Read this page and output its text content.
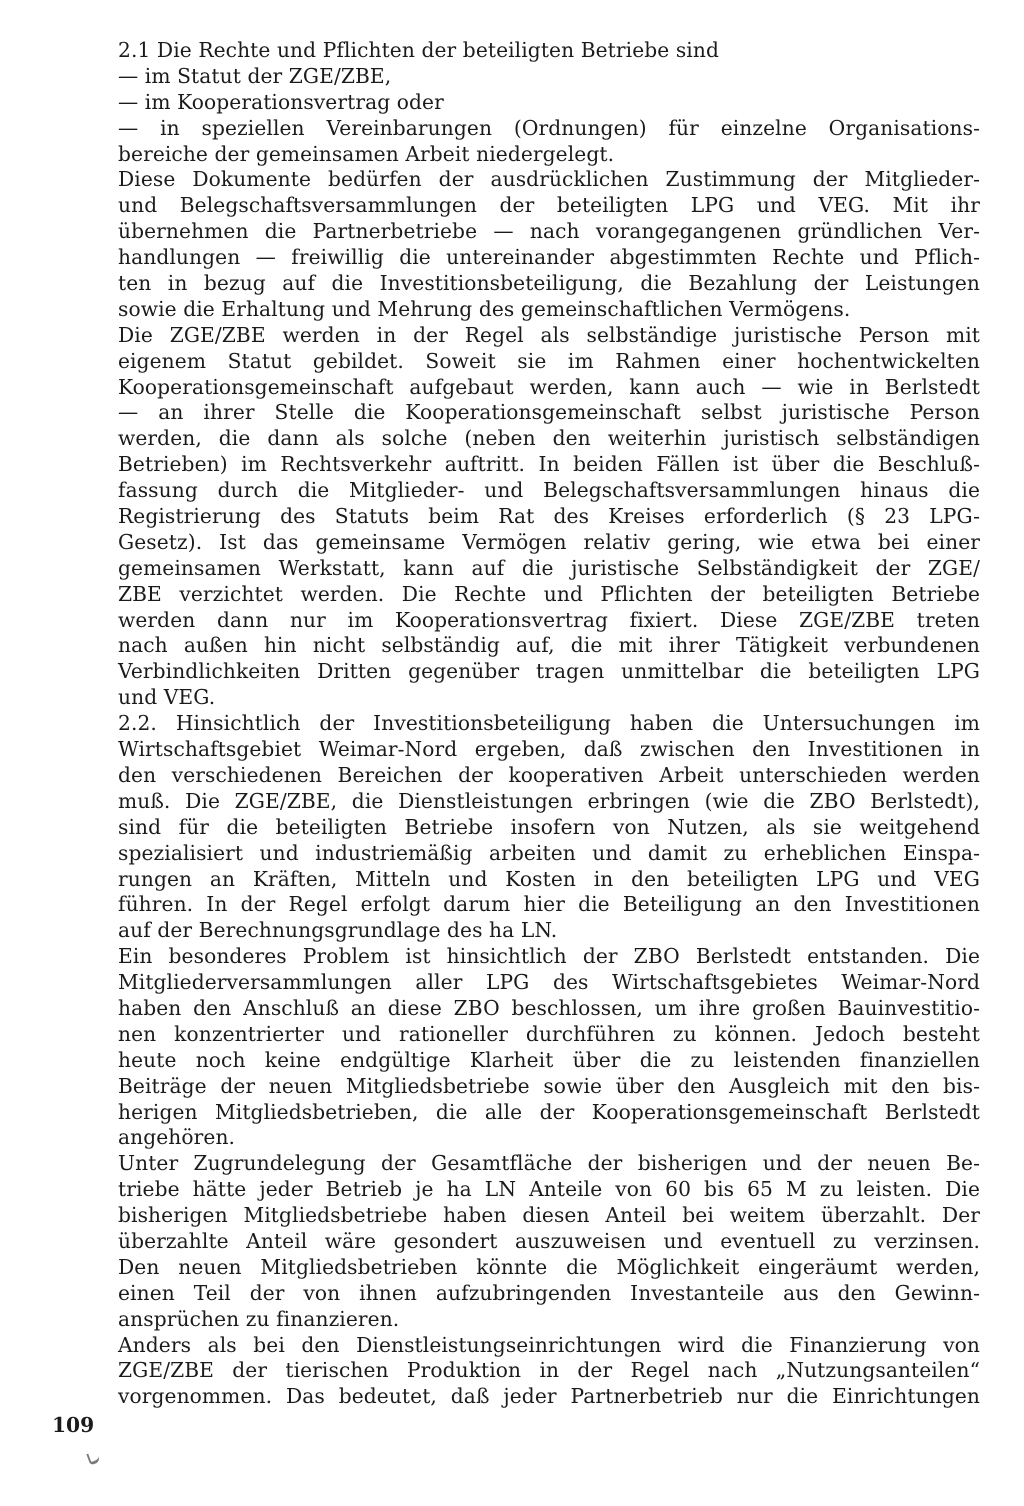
2.1 Die Rechte und Pflichten der beteiligten Betriebe sind
— im Statut der ZGE/ZBE,
— im Kooperationsvertrag oder
— in speziellen Vereinbarungen (Ordnungen) für einzelne Organisations-
bereiche der gemeinsamen Arbeit niedergelegt.
Diese Dokumente bedürfen der ausdrücklichen Zustimmung der Mitglieder-
und Belegschaftsversammlungen der beteiligten LPG und VEG. Mit ihr
übernehmen die Partnerbetriebe — nach vorangegangenen gründlichen Ver-
handlungen — freiwillig die untereinander abgestimmten Rechte und Pflich-
ten in bezug auf die Investitionsbeteiligung, die Bezahlung der Leistungen
sowie die Erhaltung und Mehrung des gemeinschaftlichen Vermögens.
Die ZGE/ZBE werden in der Regel als selbständige juristische Person mit
eigenem Statut gebildet. Soweit sie im Rahmen einer hochentwickelten
Kooperationsgemeinschaft aufgebaut werden, kann auch — wie in Berlstedt
— an ihrer Stelle die Kooperationsgemeinschaft selbst juristische Person
werden, die dann als solche (neben den weiterhin juristisch selbständigen
Betrieben) im Rechtsverkehr auftritt. In beiden Fällen ist über die Beschluß-
fassung durch die Mitglieder- und Belegschaftsversammlungen hinaus die
Registrierung des Statuts beim Rat des Kreises erforderlich (§ 23 LPG-
Gesetz). Ist das gemeinsame Vermögen relativ gering, wie etwa bei einer
gemeinsamen Werkstatt, kann auf die juristische Selbständigkeit der ZGE/
ZBE verzichtet werden. Die Rechte und Pflichten der beteiligten Betriebe
werden dann nur im Kooperationsvertrag fixiert. Diese ZGE/ZBE treten
nach außen hin nicht selbständig auf, die mit ihrer Tätigkeit verbundenen
Verbindlichkeiten Dritten gegenüber tragen unmittelbar die beteiligten LPG
und VEG.
2.2. Hinsichtlich der Investitionsbeteiligung haben die Untersuchungen im
Wirtschaftsgebiet Weimar-Nord ergeben, daß zwischen den Investitionen in
den verschiedenen Bereichen der kooperativen Arbeit unterschieden werden
muß. Die ZGE/ZBE, die Dienstleistungen erbringen (wie die ZBO Berlstedt),
sind für die beteiligten Betriebe insofern von Nutzen, als sie weitgehend
spezialisiert und industriemäßig arbeiten und damit zu erheblichen Einspa-
rungen an Kräften, Mitteln und Kosten in den beteiligten LPG und VEG
führen. In der Regel erfolgt darum hier die Beteiligung an den Investitionen
auf der Berechnungsgrundlage des ha LN.
Ein besonderes Problem ist hinsichtlich der ZBO Berlstedt entstanden. Die
Mitgliederversammlungen aller LPG des Wirtschaftsgebietes Weimar-Nord
haben den Anschluß an diese ZBO beschlossen, um ihre großen Bauinvestitio-
nen konzentrierter und rationeller durchführen zu können. Jedoch besteht
heute noch keine endgültige Klarheit über die zu leistenden finanziellen
Beiträge der neuen Mitgliedsbetriebe sowie über den Ausgleich mit den bis-
herigen Mitgliedsbetrieben, die alle der Kooperationsgemeinschaft Berlstedt
angehören.
Unter Zugrundelegung der Gesamtfläche der bisherigen und der neuen Be-
triebe hätte jeder Betrieb je ha LN Anteile von 60 bis 65 M zu leisten. Die
bisherigen Mitgliedsbetriebe haben diesen Anteil bei weitem überzahlt. Der
überzahlte Anteil wäre gesondert auszuweisen und eventuell zu verzinsen.
Den neuen Mitgliedsbetrieben könnte die Möglichkeit eingeräumt werden,
einen Teil der von ihnen aufzubringenden Investanteile aus den Gewinn-
ansprüchen zu finanzieren.
Anders als bei den Dienstleistungseinrichtungen wird die Finanzierung von
ZGE/ZBE der tierischen Produktion in der Regel nach „Nutzungsanteilen“
vorgenommen. Das bedeutet, daß jeder Partnerbetrieb nur die Einrichtungen
109
